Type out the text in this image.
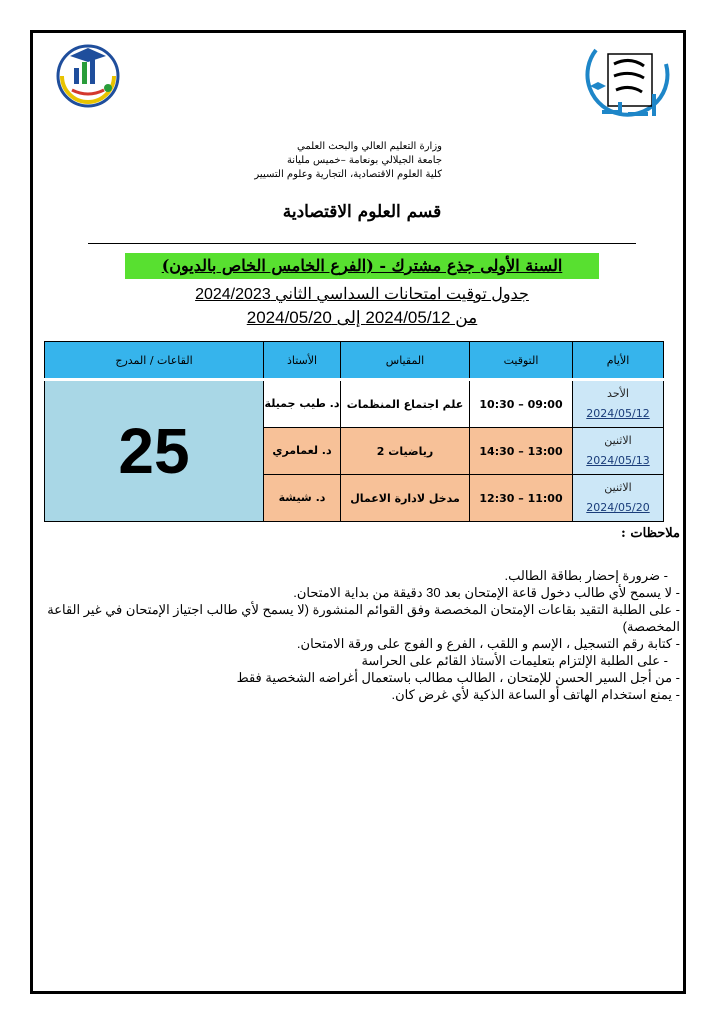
وزارة التعليم العالي والبحث العلمي
جامعة الجيلالي بونعامة –خميس مليانة
كلية العلوم الاقتصادية، التجارية وعلوم التسيير
قسم العلوم الاقتصادية
السنة الأولى جذع مشترك - (الفرع الخامس الخاص بالديون)
جدول توقيت امتحانات السداسي الثاني 2024/2023
من 2024/05/12 إلى 2024/05/20
الأيام	التوقيت	المقياس	الأستاذ	القاعات / المدرج

الأحد
2024/05/12	09:00 – 10:30	علم اجتماع المنظمات	د. طيب جميلة	25

الاثنين
2024/05/13	13:00 – 14:30	رياضيات 2	د. لعمامري	

الاثنين
2024/05/20	11:00 – 12:30	مدخل لادارة الاعمال	د. شيشة	
ملاحظات :
- ضرورة إحضار بطاقة الطالب.
- لا يسمح لأي طالب دخول قاعة الإمتحان بعد 30 دقيقة من بداية الامتحان.
- على الطلبة التقيد بقاعات الإمتحان المخصصة وفق القوائم المنشورة (لا يسمح لأي طالب اجتياز الإمتحان في غير القاعة المخصصة)
- كتابة رقم التسجيل ، الإسم و اللقب ، الفرع و الفوج على ورقة الامتحان.
- على الطلبة الإلتزام بتعليمات الأستاذ القائم على الحراسة
- من أجل السير الحسن للإمتحان ، الطالب مطالب باستعمال أغراضه الشخصية فقط
- يمنع استخدام الهاتف أو الساعة الذكية لأي غرض كان.
